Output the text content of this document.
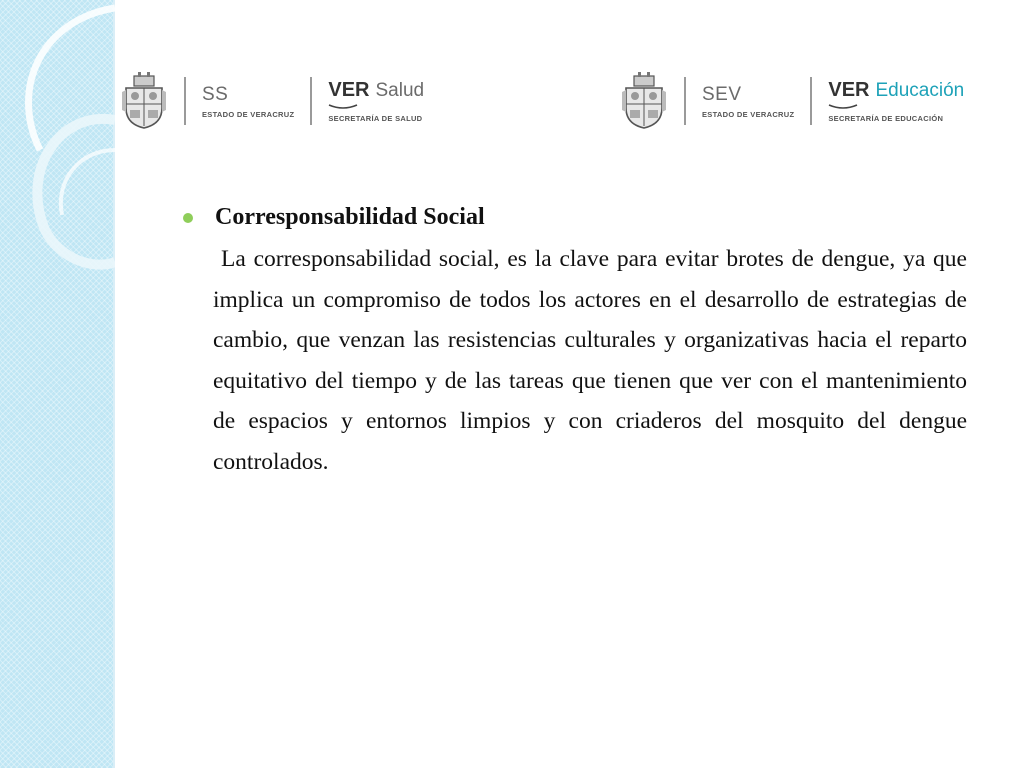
SS
ESTADO DE VERACRUZ
VER Salud
SECRETARÍA DE SALUD
SEV
ESTADO DE VERACRUZ
VER Educación
SECRETARÍA DE EDUCACIÓN
Corresponsabilidad Social

La corresponsabilidad social, es la clave para evitar brotes de dengue, ya que implica un compromiso de todos los actores en el desarrollo de estrategias de cambio, que venzan las resistencias culturales y organizativas hacia el reparto equitativo del tiempo y de las tareas que tienen que ver con el mantenimiento de espacios y entornos limpios y con criaderos del mosquito del dengue controlados.
